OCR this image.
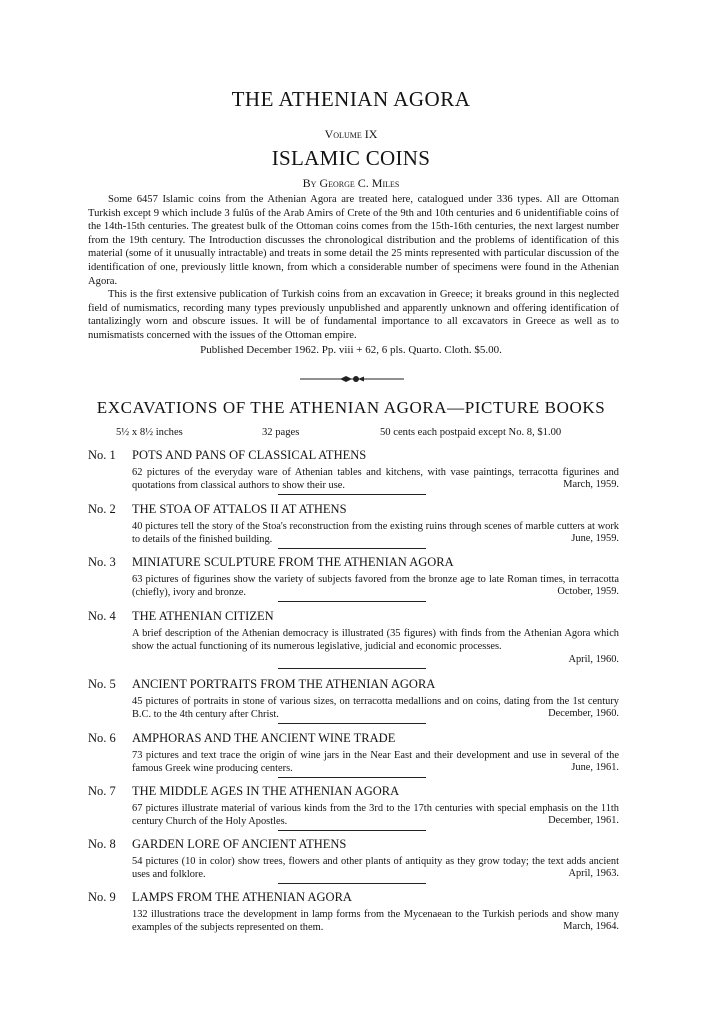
THE ATHENIAN AGORA
Volume IX
ISLAMIC COINS
By George C. Miles

Some 6457 Islamic coins from the Athenian Agora are treated here, catalogued under 336 types. All are Ottoman Turkish except 9 which include 3 fulûs of the Arab Amirs of Crete of the 9th and 10th centuries and 6 unidentifiable coins of the 14th-15th centuries. The greatest bulk of the Ottoman coins comes from the 15th-16th centuries, the next largest number from the 19th century. The Introduction discusses the chronological distribution and the problems of identification of this material (some of it unusually intractable) and treats in some detail the 25 mints represented with particular discussion of the identification of one, previously little known, from which a considerable number of specimens were found in the Athenian Agora.

This is the first extensive publication of Turkish coins from an excavation in Greece; it breaks ground in this neglected field of numismatics, recording many types previously unpublished and apparently unknown and offering identification of tantalizingly worn and obscure issues. It will be of fundamental importance to all excavators in Greece as well as to numismatists concerned with the issues of the Ottoman empire.

Published December 1962. Pp. viii + 62, 6 pls. Quarto. Cloth. $5.00.
EXCAVATIONS OF THE ATHENIAN AGORA—PICTURE BOOKS
5½ x 8½ inches	32 pages	50 cents each postpaid except No. 8, $1.00
No. 1 POTS AND PANS OF CLASSICAL ATHENS

62 pictures of the everyday ware of Athenian tables and kitchens, with vase paintings, terracotta figurines and quotations from classical authors to show their use.	March, 1959.
No. 2 THE STOA OF ATTALOS II AT ATHENS

40 pictures tell the story of the Stoa's reconstruction from the existing ruins through scenes of marble cutters at work to details of the finished building.	June, 1959.
No. 3 MINIATURE SCULPTURE FROM THE ATHENIAN AGORA

63 pictures of figurines show the variety of subjects favored from the bronze age to late Roman times, in terracotta (chiefly), ivory and bronze.	October, 1959.
No. 4 THE ATHENIAN CITIZEN

A brief description of the Athenian democracy is illustrated (35 figures) with finds from the Athenian Agora which show the actual functioning of its numerous legislative, judicial and economic processes.

April, 1960.
No. 5 ANCIENT PORTRAITS FROM THE ATHENIAN AGORA

45 pictures of portraits in stone of various sizes, on terracotta medallions and on coins, dating from the 1st century B.C. to the 4th century after Christ.	December, 1960.
No. 6 AMPHORAS AND THE ANCIENT WINE TRADE

73 pictures and text trace the origin of wine jars in the Near East and their development and use in several of the famous Greek wine producing centers.	June, 1961.
No. 7 THE MIDDLE AGES IN THE ATHENIAN AGORA

67 pictures illustrate material of various kinds from the 3rd to the 17th centuries with special emphasis on the 11th century Church of the Holy Apostles.	December, 1961.
No. 8 GARDEN LORE OF ANCIENT ATHENS

54 pictures (10 in color) show trees, flowers and other plants of antiquity as they grow today; the text adds ancient uses and folklore.	April, 1963.
No. 9 LAMPS FROM THE ATHENIAN AGORA

132 illustrations trace the development in lamp forms from the Mycenaean to the Turkish periods and show many examples of the subjects represented on them.	March, 1964.
